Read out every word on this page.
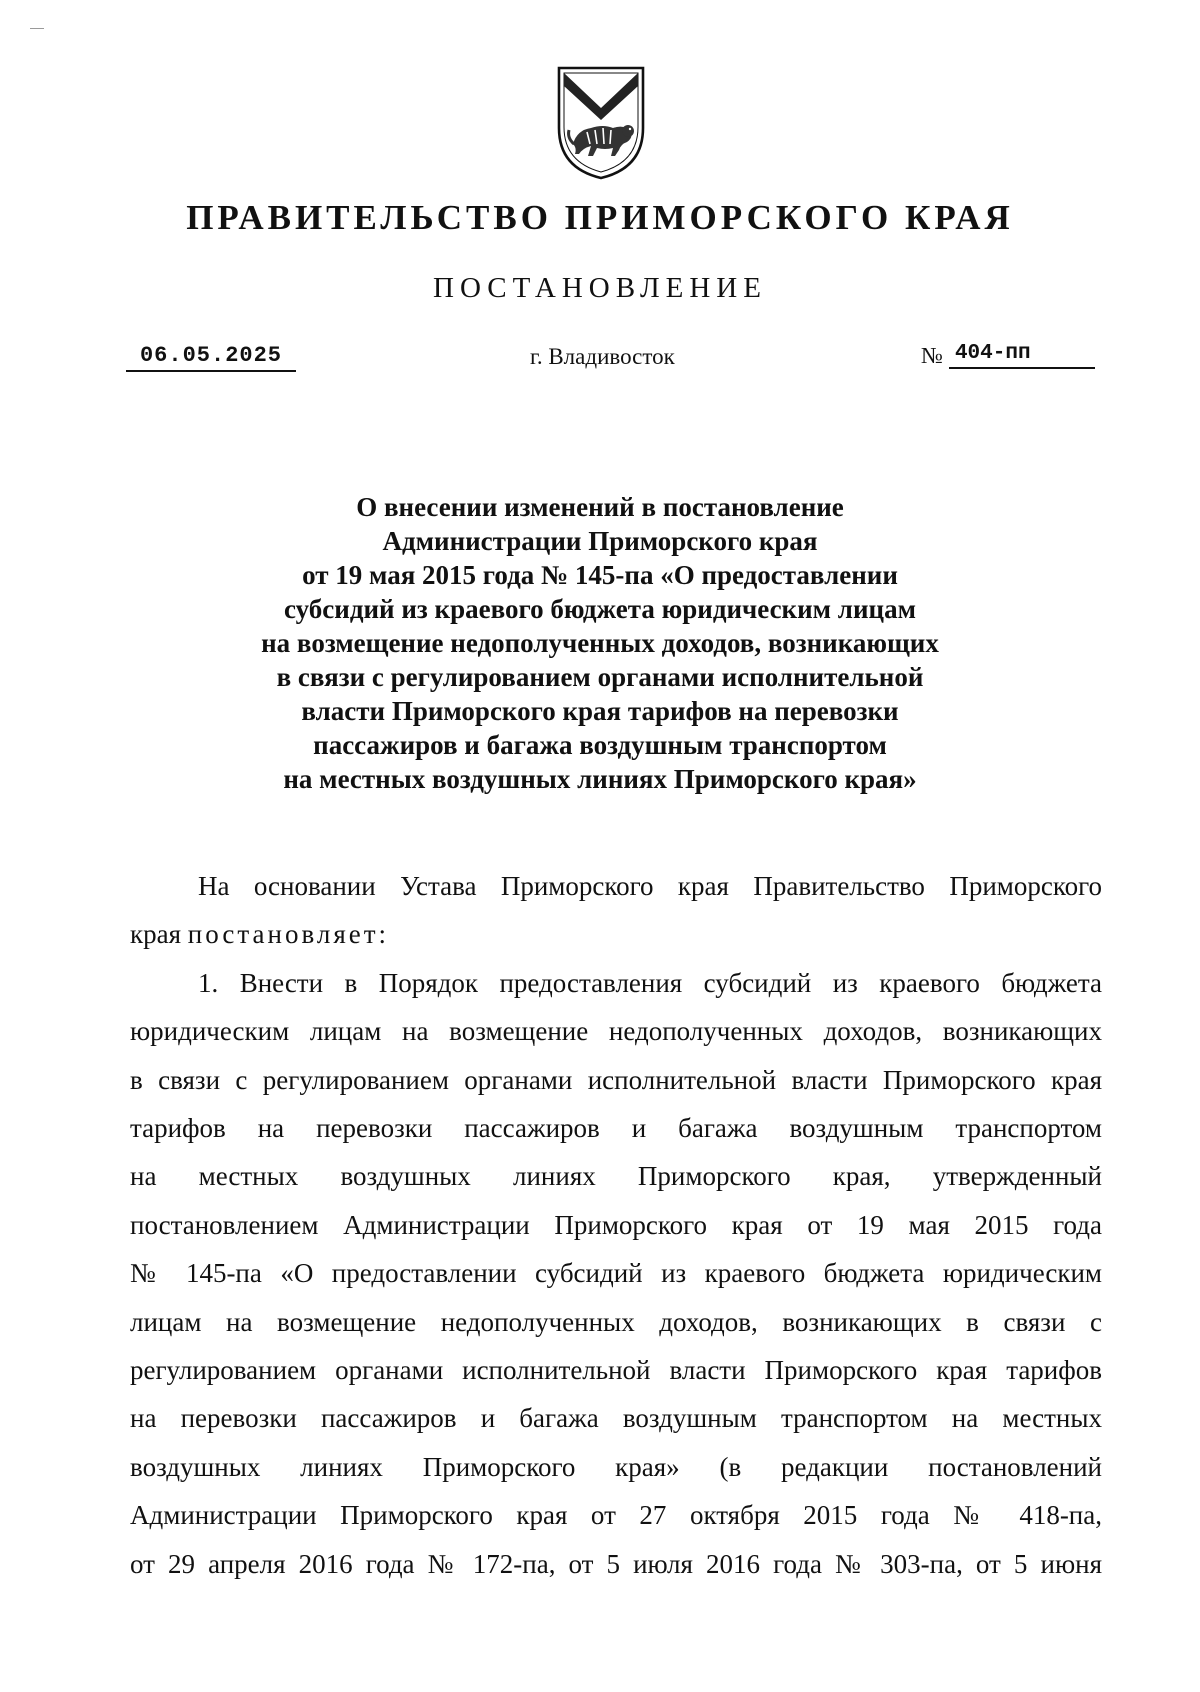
ПРАВИТЕЛЬСТВО ПРИМОРСКОГО КРАЯ
ПОСТАНОВЛЕНИЕ
06.05.2025	г. Владивосток	№ 404-пп
О внесении изменений в постановление
Администрации Приморского края
от 19 мая 2015 года № 145-па «О предоставлении
субсидий из краевого бюджета юридическим лицам
на возмещение недополученных доходов, возникающих
в связи с регулированием органами исполнительной
власти Приморского края тарифов на перевозки
пассажиров и багажа воздушным транспортом
на местных воздушных линиях Приморского края»
На основании Устава Приморского края Правительство Приморского
края постановляет:
1. Внести в Порядок предоставления субсидий из краевого бюджета
юридическим лицам на возмещение недополученных доходов, возникающих
в связи с регулированием органами исполнительной власти Приморского края
тарифов на перевозки пассажиров и багажа воздушным транспортом
на местных воздушных линиях Приморского края, утвержденный
постановлением Администрации Приморского края от 19 мая 2015 года
№ 145-па «О предоставлении субсидий из краевого бюджета юридическим
лицам на возмещение недополученных доходов, возникающих в связи с
регулированием органами исполнительной власти Приморского края тарифов
на перевозки пассажиров и багажа воздушным транспортом на местных
воздушных линиях Приморского края» (в редакции постановлений
Администрации Приморского края от 27 октября 2015 года № 418-па,
от 29 апреля 2016 года № 172-па, от 5 июля 2016 года № 303-па, от 5 июня
